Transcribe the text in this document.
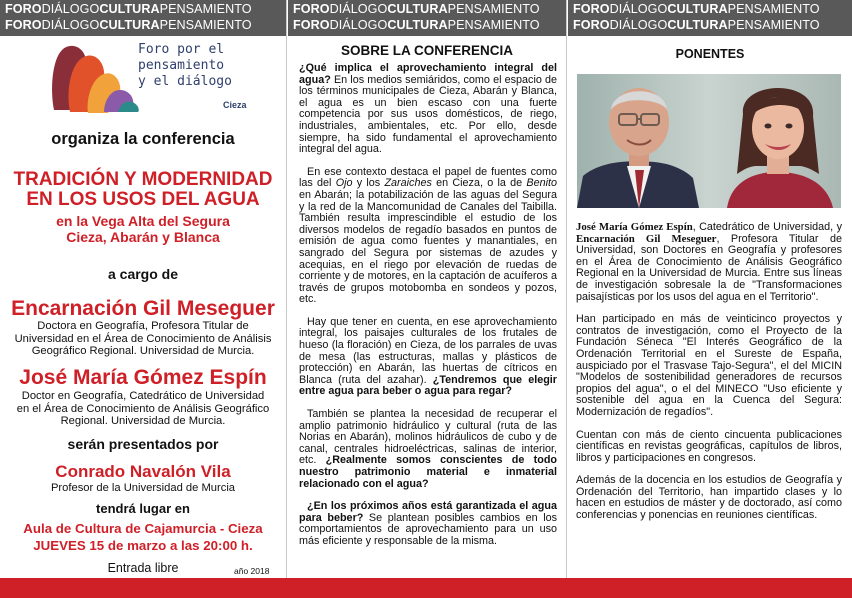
FORODIÁLOGOCULTURAPENSAMIENTO
FORODIÁLOGOCULTURAPENSAMIENTO
Foro por el
pensamiento
y el diálogo
Cieza
organiza la conferencia
TRADICIÓN Y MODERNIDAD
EN LOS USOS DEL AGUA
en la Vega Alta del Segura
Cieza, Abarán y Blanca
a cargo de
Encarnación Gil Meseguer
Doctora en Geografía, Profesora Titular de
Universidad en el Área de Conocimiento de Análisis
Geográfico Regional. Universidad de Murcia.
José María Gómez Espín
Doctor en Geografía, Catedrático de Universidad
en el Área de Conocimiento de Análisis Geográfico
Regional. Universidad de Murcia.
serán presentados por
Conrado Navalón Vila
Profesor de la Universidad de Murcia
tendrá lugar en
Aula de Cultura de Cajamurcia - Cieza
JUEVES 15 de marzo a las 20:00 h.
Entrada libre	año 2018
FORODIÁLOGOCULTURAPENSAMIENTO
FORODIÁLOGOCULTURAPENSAMIENTO
SOBRE LA CONFERENCIA

¿Qué implica el aprovechamiento integral del agua? En los medios semiáridos, como el espacio de los términos municipales de Cieza, Abarán y Blanca, el agua es un bien escaso con una fuerte competencia por sus usos domésticos, de riego, industriales, ambientales, etc. Por ello, desde siempre, ha sido fundamental el aprovechamiento integral del agua.

En ese contexto destaca el papel de fuentes como las del Ojo y los Zaraiches en Cieza, o la de Benito en Abarán; la potabilización de las aguas del Segura y la red de la Mancomunidad de Canales del Taibilla. También resulta imprescindible el estudio de los diversos modelos de regadío basados en puntos de emisión de agua como fuentes y manantiales, en sangrado del Segura por sistemas de azudes y acequias, en el riego por elevación de ruedas de corriente y de motores, en la captación de acuíferos a través de grupos motobomba en sondeos y pozos, etc.

Hay que tener en cuenta, en ese aprovechamiento integral, los paisajes culturales de los frutales de hueso (la floración) en Cieza, de los parrales de uvas de mesa (las estructuras, mallas y plásticos de protección) en Abarán, las huertas de cítricos en Blanca (ruta del azahar). ¿Tendremos que elegir entre agua para beber o agua para regar?

También se plantea la necesidad de recuperar el amplio patrimonio hidráulico y cultural (ruta de las Norias en Abarán), molinos hidráulicos de cubo y de canal, centrales hidroeléctricas, salinas de interior, etc. ¿Realmente somos conscientes de todo nuestro patrimonio material e inmaterial relacionado con el agua?

¿En los próximos años está garantizada el agua para beber? Se plantean posibles cambios en los comportamientos de aprovechamiento para un uso más eficiente y responsable de la misma.

FORODIÁLOGOCULTURAPENSAMIENTO
FORODIÁLOGOCULTURAPENSAMIENTO
PONENTES

José María Gómez Espín, Catedrático de Universidad, y Encarnación Gil Meseguer, Profesora Titular de Universidad, son Doctores en Geografía y profesores en el Área de Conocimiento de Análisis Geográfico Regional en la Universidad de Murcia. Entre sus líneas de investigación sobresale la de "Transformaciones paisajísticas por los usos del agua en el Territorio".

Han participado en más de veinticinco proyectos y contratos de investigación, como el Proyecto de la Fundación Séneca "El Interés Geográfico de la Ordenación Territorial en el Sureste de España, auspiciado por el Trasvase Tajo-Segura", el del MICIN "Modelos de sostenibilidad generadores de recursos propios del agua", o el del MINECO "Uso eficiente y sostenible del agua en la Cuenca del Segura: Modernización de regadíos".

Cuentan con más de ciento cincuenta publicaciones científicas en revistas geográficas, capítulos de libros, libros y participaciones en congresos.

Además de la docencia en los estudios de Geografía y Ordenación del Territorio, han impartido clases y lo hacen en estudios de máster y de doctorado, así como conferencias y ponencias en reuniones científicas.
